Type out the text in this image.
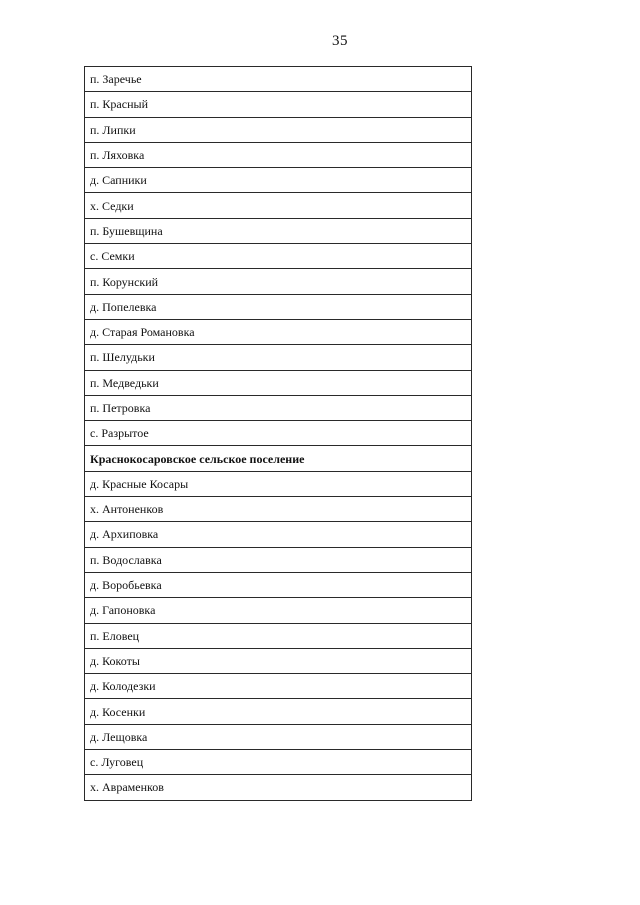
35
п. Заречье
п. Красный
п. Липки
п. Ляховка
д. Сапники
х. Седки
п. Бушевщина
с. Семки
п. Корунский
д. Попелевка
д. Старая Романовка
п. Шелудьки
п. Медведьки
п. Петровка
с. Разрытое
Краснокосаровское сельское поселение
д. Красные Косары
х. Антоненков
д. Архиповка
п. Водославка
д. Воробьевка
д. Гапоновка
п. Еловец
д. Кокоты
д. Колодезки
д. Косенки
д. Лещовка
с. Луговец
х. Авраменков
